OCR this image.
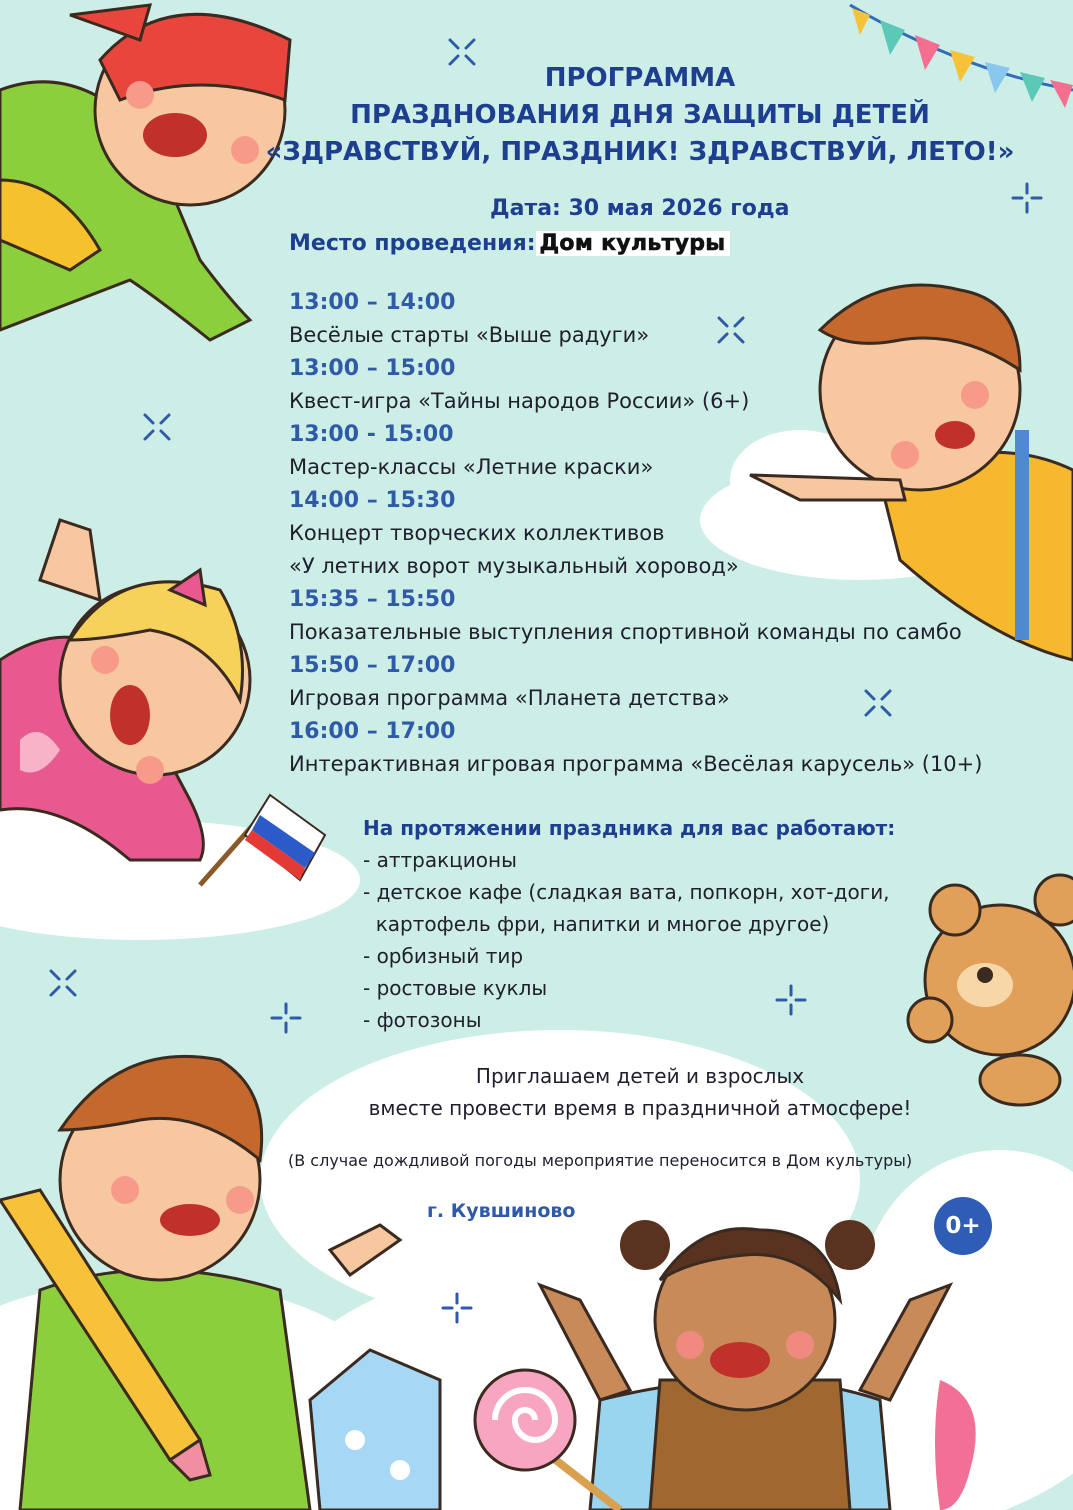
ПРОГРАММА
ПРАЗДНОВАНИЯ ДНЯ ЗАЩИТЫ ДЕТЕЙ
«ЗДРАВСТВУЙ, ПРАЗДНИК! ЗДРАВСТВУЙ, ЛЕТО!»
Дата: 30 мая 2026 года
Место проведения: Дом культуры
13:00 – 14:00
Весёлые старты «Выше радуги»
13:00 – 15:00
Квест-игра «Тайны народов России» (6+)
13:00 - 15:00
Мастер-классы «Летние краски»
14:00 – 15:30
Концерт творческих коллективов
«У летних ворот музыкальный хоровод»
15:35 – 15:50
Показательные выступления спортивной команды по самбо
15:50 – 17:00
Игровая программа «Планета детства»
16:00 – 17:00
Интерактивная игровая программа «Весёлая карусель» (10+)
На протяжении праздника для вас работают:
- аттракционы
- детское кафе (сладкая вата, попкорн, хот-доги,
картофель фри, напитки и многое другое)
- орбизный тир
- ростовые куклы
- фотозоны
Приглашаем детей и взрослых
вместе провести время в праздничной атмосфере!
(В случае дождливой погоды мероприятие переносится в Дом культуры)
г. Кувшиново
0+
